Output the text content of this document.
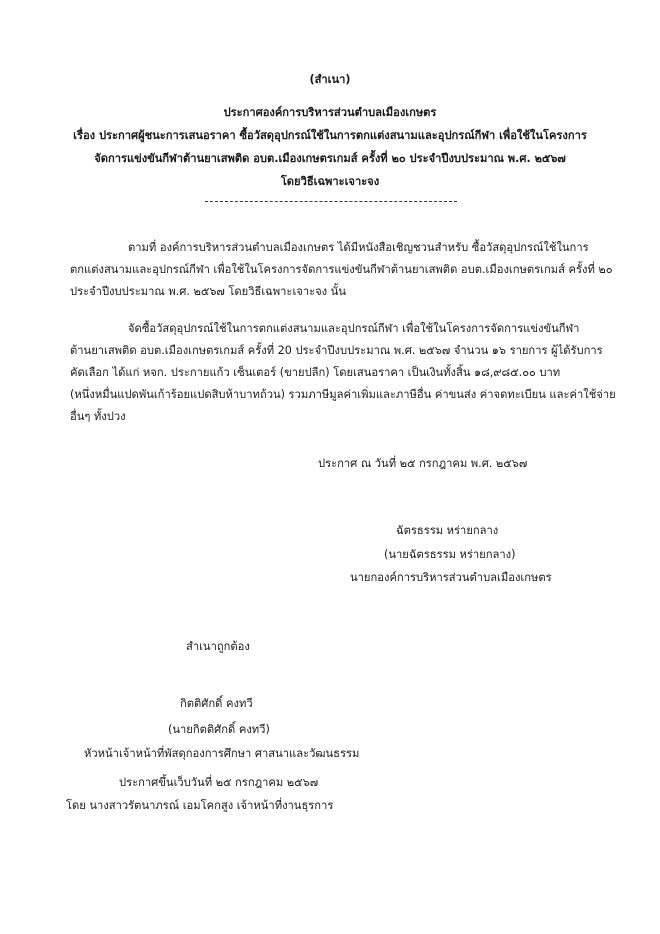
(สำเนา)
ประกาศองค์การบริหารส่วนตำบลเมืองเกษตร
เรื่อง ประกาศผู้ชนะการเสนอราคา ซื้อวัสดุอุปกรณ์ใช้ในการตกแต่งสนามและอุปกรณ์กีฬา เพื่อใช้ในโครงการ
จัดการแข่งขันกีฬาต้านยาเสพติด อบต.เมืองเกษตรเกมส์ ครั้งที่ ๒๐ ประจำปีงบประมาณ พ.ศ. ๒๕๖๗
โดยวิธีเฉพาะเจาะจง
ตามที่ องค์การบริหารส่วนตำบลเมืองเกษตร ได้มีหนังสือเชิญชวนสำหรับ ซื้อวัสดุอุปกรณ์ใช้ในการ
ตกแต่งสนามและอุปกรณ์กีฬา เพื่อใช้ในโครงการจัดการแข่งขันกีฬาต้านยาเสพติด อบต.เมืองเกษตรเกมส์ ครั้งที่ ๒๐
ประจำปีงบประมาณ พ.ศ. ๒๕๖๗ โดยวิธีเฉพาะเจาะจง นั้น
จัดซื้อวัสดุอุปกรณ์ใช้ในการตกแต่งสนามและอุปกรณ์กีฬา เพื่อใช้ในโครงการจัดการแข่งขันกีฬา
ต้านยาเสพติด อบต.เมืองเกษตรเกมส์ ครั้งที่ 20 ประจำปีงบประมาณ พ.ศ. ๒๕๖๗ จำนวน ๑๖ รายการ ผู้ได้รับการ
คัดเลือก ได้แก่ หจก. ประกายแก้ว เซ็นเตอร์ (ขายปลีก) โดยเสนอราคา เป็นเงินทั้งสิ้น ๑๘,๙๘๕.๐๐ บาท
(หนึ่งหมื่นแปดพันเก้าร้อยแปดสิบห้าบาทถ้วน) รวมภาษีมูลค่าเพิ่มและภาษีอื่น ค่าขนส่ง ค่าจดทะเบียน และค่าใช้จ่าย
อื่นๆ ทั้งปวง
ประกาศ ณ วันที่ ๒๕ กรกฎาคม พ.ศ. ๒๕๖๗
ฉัตรธรรม หร่ายกลาง
(นายฉัตรธรรม หร่ายกลาง)
นายกองค์การบริหารส่วนตำบลเมืองเกษตร
สำเนาถูกต้อง
กิตติศักดิ์ คงทวี
(นายกิตติศักดิ์ คงทวี)
หัวหน้าเจ้าหน้าที่พัสดุกองการศึกษา ศาสนาและวัฒนธรรม
ประกาศขึ้นเว็บวันที่ ๒๕ กรกฎาคม ๒๕๖๗
โดย นางสาวรัตนาภรณ์ เอมโคกสูง เจ้าหน้าที่งานธุรการ
